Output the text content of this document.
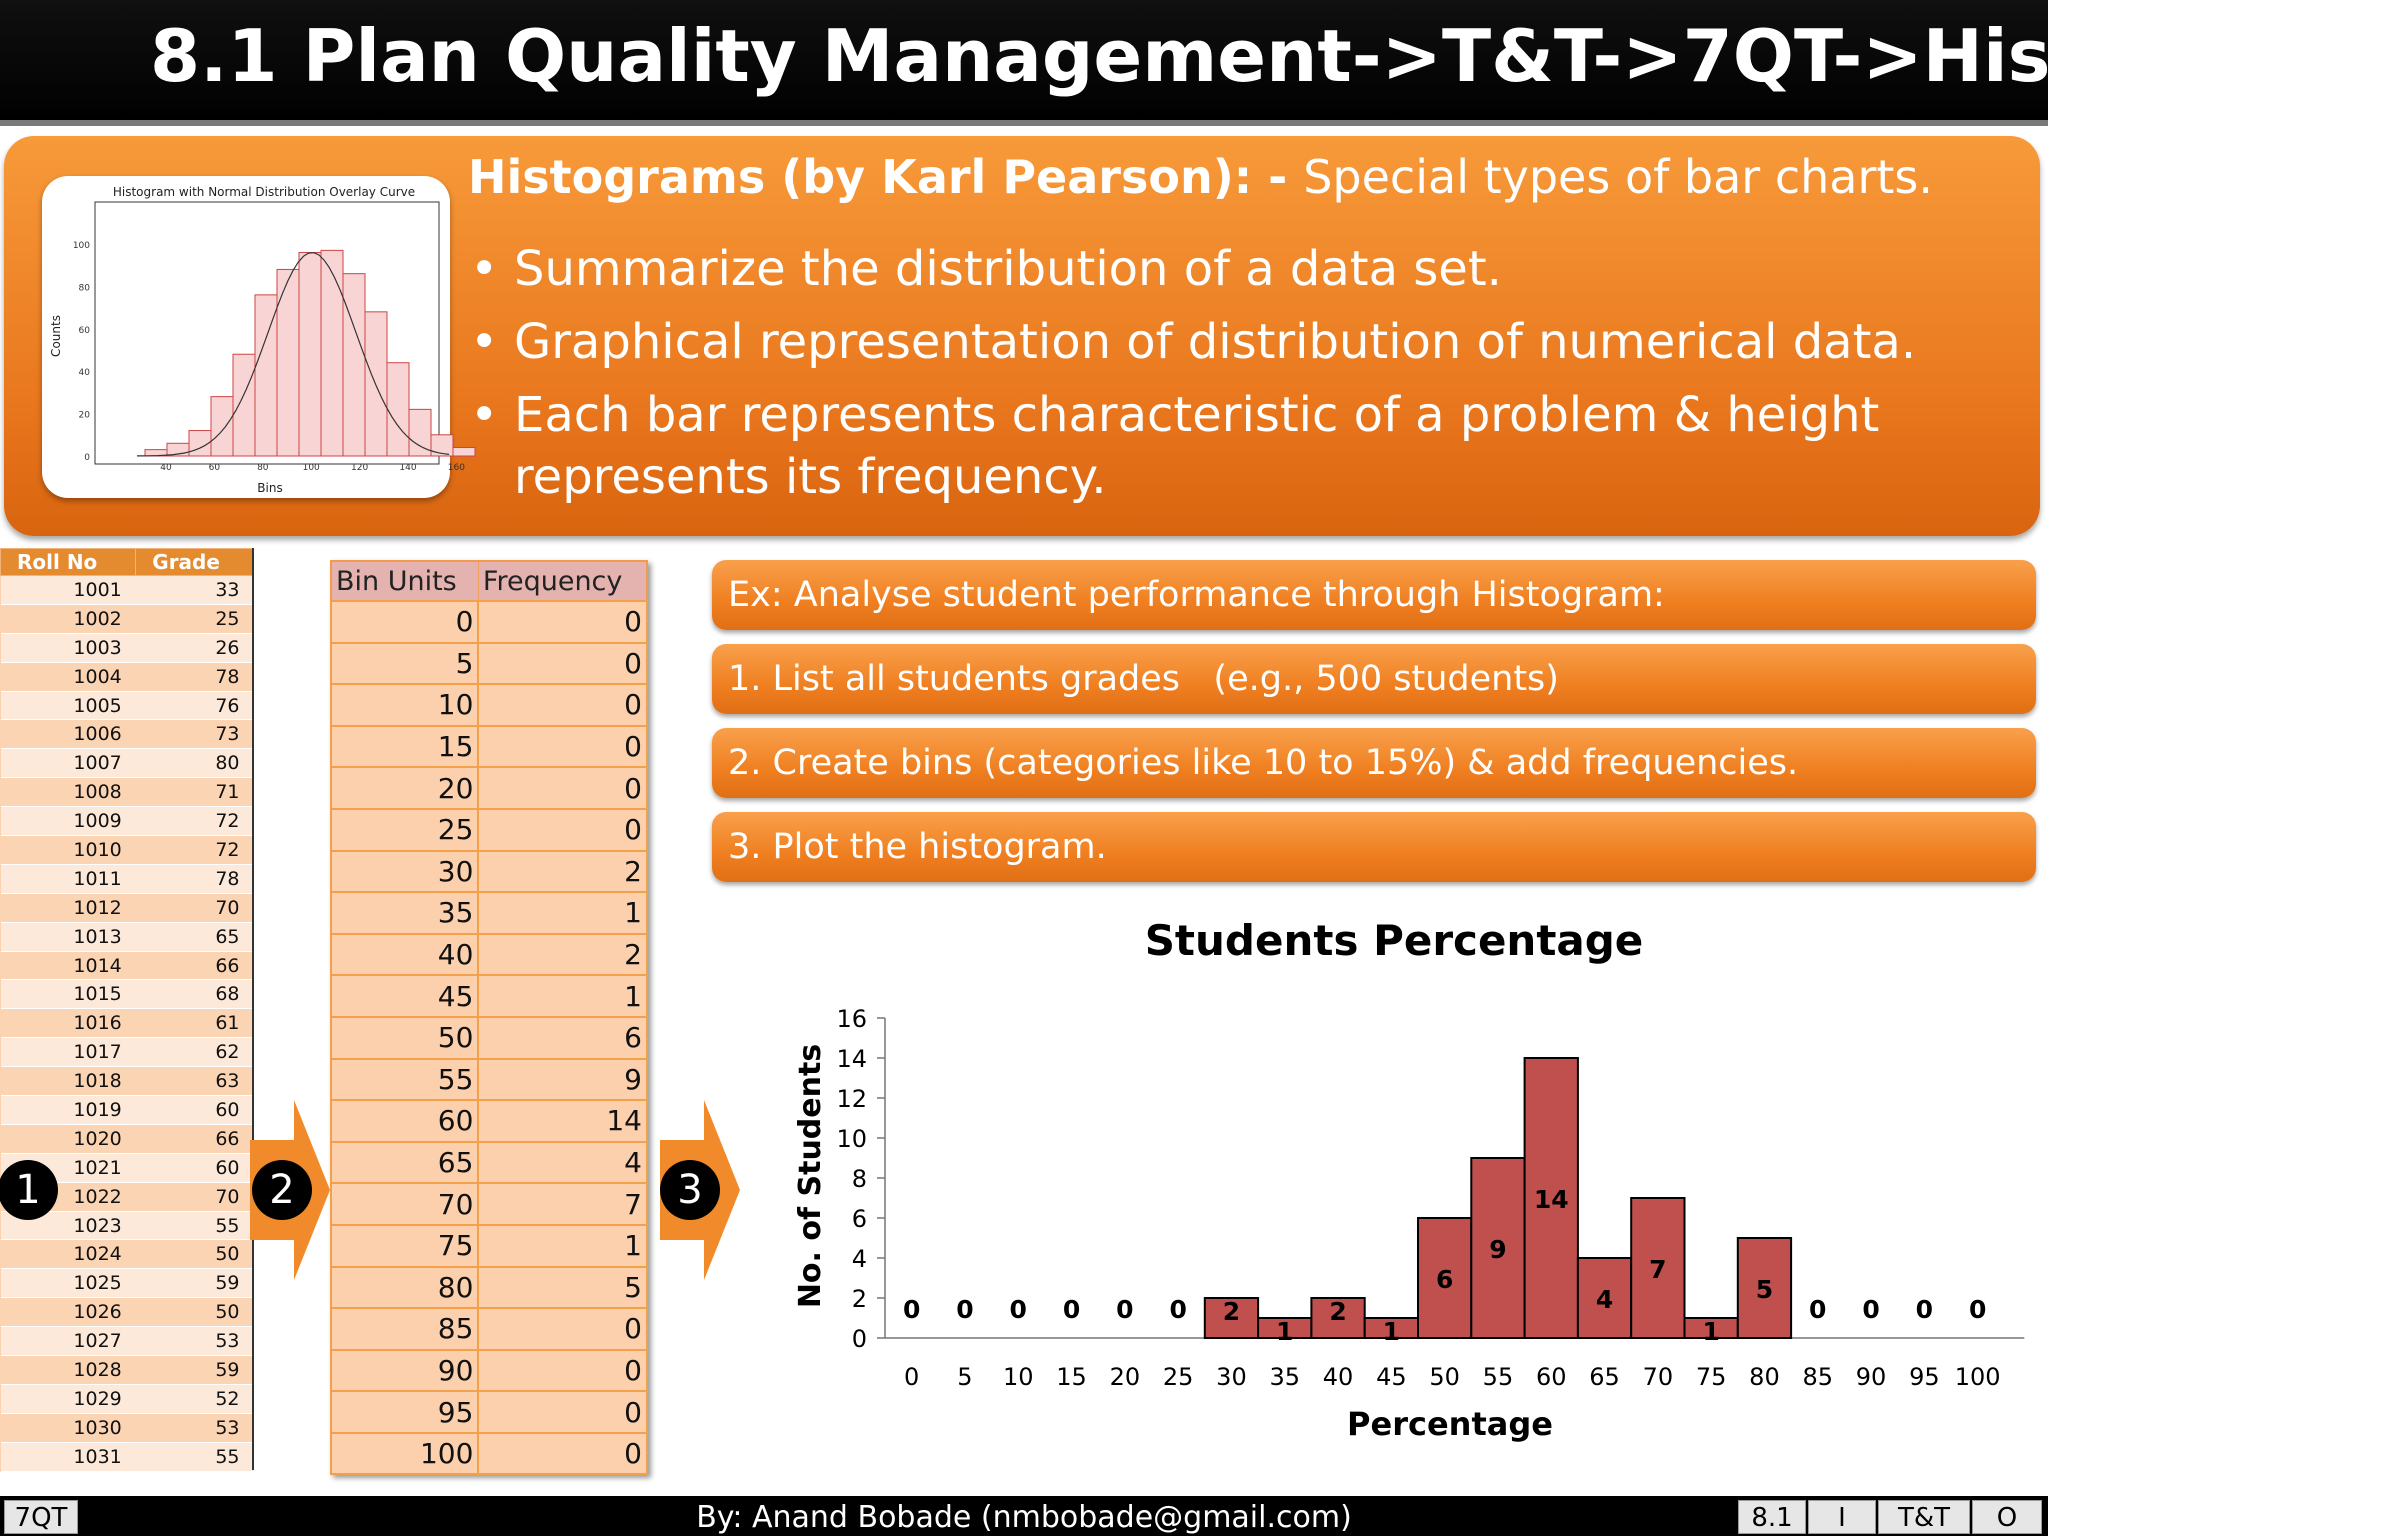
8.1 Plan Quality Management->T&T->7QT->Histograms
Histogram with Normal Distribution Overlay Curve
100
80
60
40
20
0
40	60	80	100	120	140	160
Counts
Bins
Histograms (by Karl Pearson): - Special types of bar charts.
• Summarize the distribution of a data set.
• Graphical representation of distribution of numerical data.
• Each bar represents characteristic of a problem & height
represents its frequency.
Roll No	Grade
1001	33
1002	25
1003	26
1004	78
1005	76
1006	73
1007	80
1008	71
1009	72
1010	72
1011	78
1012	70
1013	65
1014	66
1015	68
1016	61
1017	62
1018	63
1019	60
1020	66
1021	60
1022	70
1023	55
1024	50
1025	59
1026	50
1027	53
1028	59
1029	52
1030	53
1031	55
Bin Units	Frequency
0	0
5	0
10	0
15	0
20	0
25	0
30	2
35	1
40	2
45	1
50	6
55	9
60	14
65	4
70	7
75	1
80	5
85	0
90	0
95	0
100	0
1	2	3
Ex: Analyse student performance through Histogram:
1. List all students grades   (e.g., 500 students)
2. Create bins (categories like 10 to 15%) & add frequencies.
3. Plot the histogram.
Students Percentage
0
2
4
6
8
10
12
14
16
0 0 0 0 0 0 2
1
2
1
6
9
14
4
7
1
5
0 0 0 0
0 5 10 15 20 25 30 35 40 45 50 55 60 65 70 75 80 85 90 95 100
No. of Students
Percentage
7QT	By: Anand Bobade (nmbobade@gmail.com)	8.1	I	T&T	O
